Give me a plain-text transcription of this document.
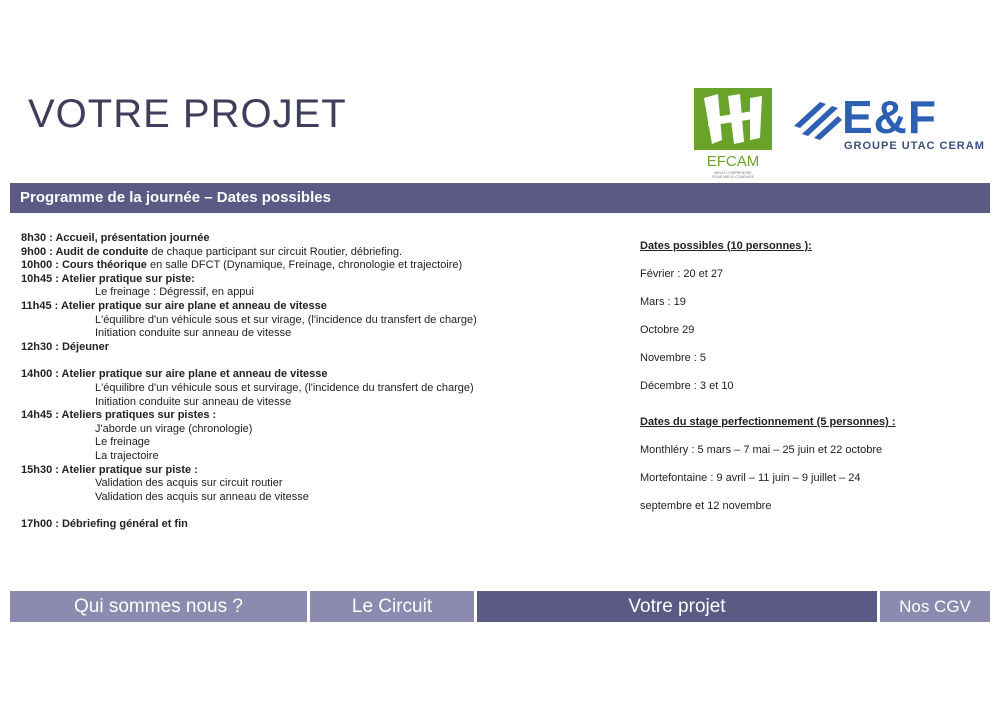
VOTRE PROJET
EFCAM
MIEUX COMPRENDRE
POUR MIEUX CONDUIRE
E&F
GROUPE UTAC CERAM
Programme de la journée – Dates possibles
8h30 : Accueil, présentation journée
9h00 : Audit de conduite de chaque participant sur circuit Routier, débriefing.
10h00 : Cours théorique en salle DFCT (Dynamique, Freinage, chronologie et trajectoire)
10h45 : Atelier pratique sur piste:
Le freinage : Dégressif, en appui
11h45 : Atelier pratique sur aire plane et anneau de vitesse
L'équilibre d'un véhicule sous et sur virage, (l'incidence du transfert de charge)
Initiation conduite sur anneau de vitesse
12h30 : Déjeuner
14h00 : Atelier pratique sur aire plane et anneau de vitesse
L'équilibre d'un véhicule sous et survirage, (l'incidence du transfert de charge)
Initiation conduite sur anneau de vitesse
14h45 : Ateliers pratiques sur pistes :
J'aborde un virage (chronologie)
Le freinage
La trajectoire
15h30 : Atelier pratique sur piste :
Validation des acquis sur circuit routier
Validation des acquis sur anneau de vitesse
17h00 : Débriefing général et fin
Dates possibles (10 personnes ):
Février : 20 et 27
Mars : 19
Octobre 29
Novembre : 5
Décembre : 3 et 10
Dates du stage perfectionnement (5 personnes) :
Monthléry : 5 mars – 7 mai – 25 juin et 22 octobre
Mortefontaine : 9 avril – 11 juin – 9 juillet – 24
septembre et 12 novembre
Qui sommes nous ?	Le Circuit	Votre projet	Nos CGV
